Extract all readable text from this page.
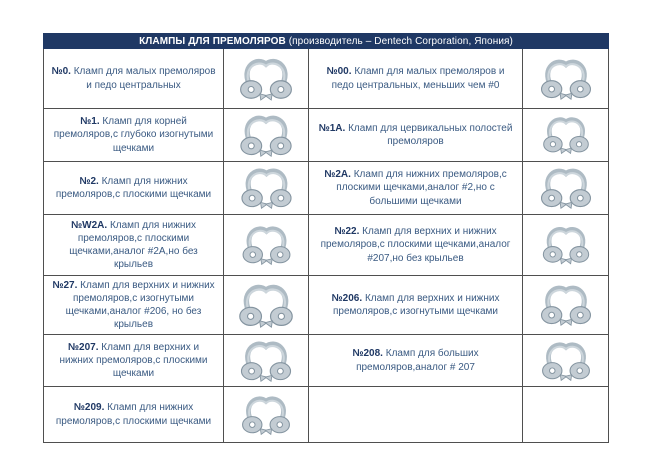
КЛАМПЫ ДЛЯ ПРЕМОЛЯРОВ (производитель – Dentech Corporation, Япония)			
№0. Кламп для малых премоляров и педо центральных		№00. Кламп для малых премоляров и педо центральных, меньших чем #0	
№1. Кламп для корней премоляров,с глубоко изогнутыми щечками		№1А. Кламп для цервикальных полостей премоляров	
№2. Кламп для нижних премоляров,с плоскими щечками		№2А. Кламп для нижних премоляров,с плоскими щечками,аналог #2,но с большими щечками	
№W2А. Кламп для нижних премоляров,с плоскими щечками,аналог #2А,но без крыльев		№22. Кламп для верхних и нижних премоляров,с плоскими щечками,аналог #207,но без крыльев	
№27. Кламп для верхних и нижних премоляров,с изогнутыми щечками,аналог #206, но без крыльев		№206. Кламп для верхних и нижних премоляров,с изогнутыми щечками	
№207. Кламп для верхних и нижних премоляров,с плоскими щечками		№208. Кламп для больших премоляров,аналог # 207	
№209. Кламп для нижних премоляров,с плоскими щечками			
